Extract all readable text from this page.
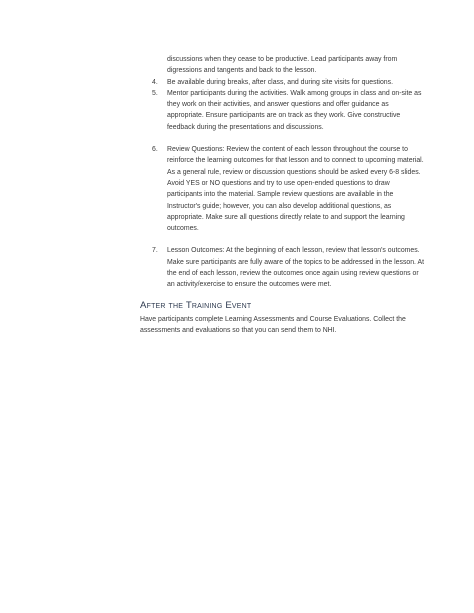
discussions when they cease to be productive. Lead participants away from digressions and tangents and back to the lesson.
4.	Be available during breaks, after class, and during site visits for questions.
5.	Mentor participants during the activities. Walk among groups in class and on-site as they work on their activities, and answer questions and offer guidance as appropriate. Ensure participants are on track as they work. Give constructive feedback during the presentations and discussions.
6.	Review Questions: Review the content of each lesson throughout the course to reinforce the learning outcomes for that lesson and to connect to upcoming material. As a general rule, review or discussion questions should be asked every 6-8 slides. Avoid YES or NO questions and try to use open-ended questions to draw participants into the material. Sample review questions are available in the Instructor's guide; however, you can also develop additional questions, as appropriate. Make sure all questions directly relate to and support the learning outcomes.
7.	Lesson Outcomes: At the beginning of each lesson, review that lesson's outcomes. Make sure participants are fully aware of the topics to be addressed in the lesson. At the end of each lesson, review the outcomes once again using review questions or an activity/exercise to ensure the outcomes were met.
After the Training Event
Have participants complete Learning Assessments and Course Evaluations. Collect the assessments and evaluations so that you can send them to NHI.
